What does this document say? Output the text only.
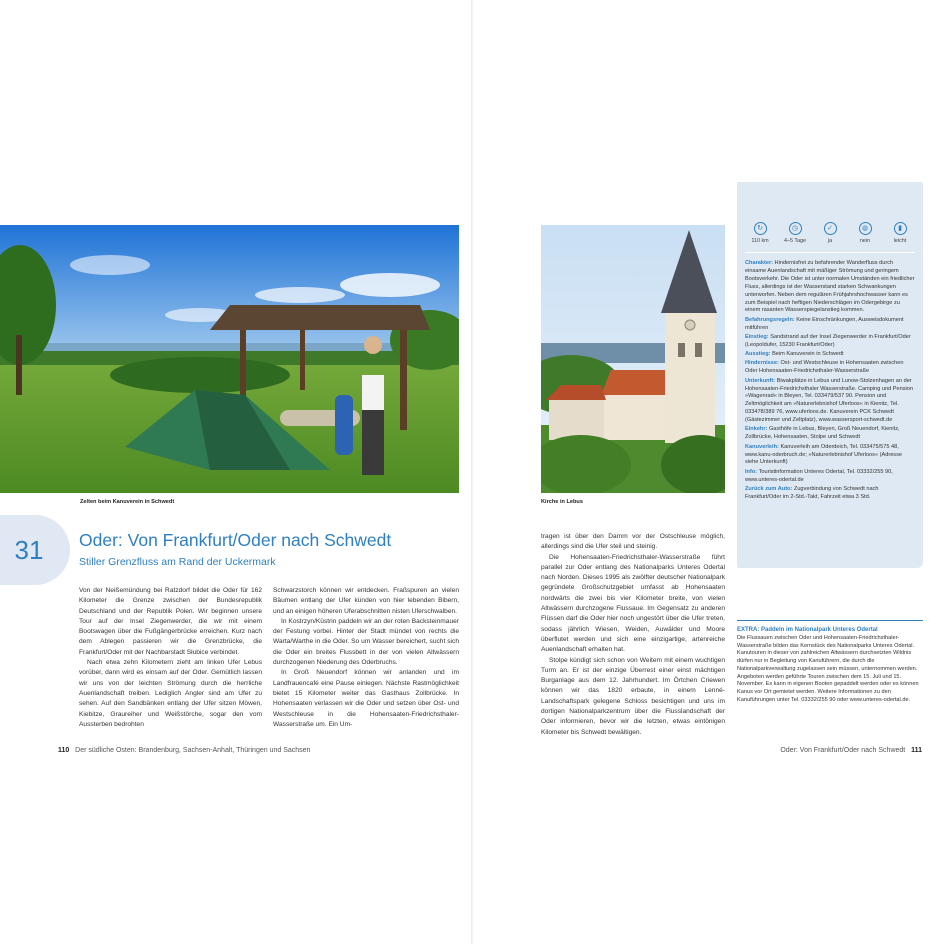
Zelten beim Kanuverein in Schwedt	Kirche in Lebus
31	Oder: Von Frankfurt/Oder nach Schwedt
Stiller Grenzfluss am Rand der Uckermark

Von der Neißemündung bei Ratzdorf bildet die Oder für 162 Kilometer die Grenze zwischen der Bundesrepublik Deutschland und der Republik Polen. Wir beginnen unsere Tour auf der Insel Ziegenwerder, die wir mit einem Bootswagen über die Fußgängerbrücke erreichen. Kurz nach dem Ablegen passieren wir die Grenzbrücke, die Frankfurt/Oder mit der Nachbarstadt Słubice verbindet.

Nach etwa zehn Kilometern zieht am linken Ufer Lebus vorüber, dann wird es einsam auf der Oder. Gemütlich lassen wir uns von der leichten Strömung durch die herrliche Auenlandschaft treiben. Lediglich Angler sind am Ufer zu sehen. Auf den Sandbänken entlang der Ufer sitzen Möwen, Kiebitze, Graureiher und Weißstörche, sogar den vom Aussterben bedrohten

Schwarzstorch können wir entdecken. Fraßspuren an vielen Bäumen entlang der Ufer künden von hier lebenden Bibern, und an einigen höheren Uferabschnitten nisten Uferschwalben.

In Kostrzyn/Küstrin paddeln wir an der roten Backsteinmauer der Festung vorbei. Hinter der Stadt mündet von rechts die Warta/Warthe in die Oder. So um Wasser bereichert, sucht sich die Oder ein breites Flussbett in der von vielen Altwässern durchzogenen Niederung des Oderbruchs.

In Groß Neuendorf können wir anlanden und im Landfrauencafé eine Pause einlegen. Nächste Rastmöglichkeit bietet 15 Kilometer weiter das Gasthaus Zollbrücke. In Hohensaaten verlassen wir die Oder und setzen über Ost- und Westschleuse in die Hohensaaten-Friedrichsthaler-Wasserstraße um. Ein Um-

tragen ist über den Damm vor der Ostschleuse möglich, allerdings sind die Ufer steil und steinig.

Die Hohensaaten-Friedrichsthaler-Wasserstraße führt parallel zur Oder entlang des Nationalparks Unteres Odertal nach Norden. Dieses 1995 als zwölfter deutscher Nationalpark gegründete Großschutzgebiet umfasst ab Hohensaaten nordwärts die zwei bis vier Kilometer breite, von vielen Altwässern durchzogene Flussaue. Im Gegensatz zu anderen Flüssen darf die Oder hier noch ungestört über die Ufer treten, sodass jährlich Wiesen, Weiden, Auwälder und Moore überflutet werden und sich eine einzigartige, artenreiche Auenlandschaft erhalten hat.

Stolpe kündigt sich schon von Weitem mit einem wuchtigen Turm an. Er ist der einzige Überrest einer einst mächtigen Burganlage aus dem 12. Jahrhundert. Im Örtchen Criewen können wir das 1820 erbaute, in einem Lenné-Landschaftspark gelegene Schloss besichtigen und uns im dortigen Nationalparkzentrum über die Flusslandschaft der Oder informieren, bevor wir die letzten, etwas eintönigen Kilometer bis Schwedt bewältigen.

↻
110 km
◷
4–5 Tage
✓
ja
◍
nein
▮
leicht

Charakter: Hindernisfrei zu befahrender Wanderfluss durch einsame Auenlandschaft mit mäßiger Strömung und geringem Bootsverkehr. Die Oder ist unter normalen Umständen ein friedlicher Fluss, allerdings ist der Wasserstand starken Schwankungen unterworfen. Neben dem regulären Frühjahrshochwasser kann es zum Beispiel nach heftigen Niederschlägen im Odergebirge zu einem rasanten Wasserspiegelanstieg kommen.

Befahrungsregeln: Keine Einschränkungen, Ausweisdokument mitführen

Einstieg: Sandstrand auf der Insel Ziegenwerder in Frankfurt/Oder (Leopoldufer, 15230 Frankfurt/Oder)

Ausstieg: Beim Kanuverein in Schwedt

Hindernisse: Ost- und Westschleuse in Hohensaaten zwischen Oder Hohensaaten-Friedrichsthaler-Wasserstraße

Unterkunft: Biwakplätze in Lebus und Lunow-Stolzenhagen an der Hohensaaten-Friedrichsthaler Wasserstraße. Camping und Pension »Wagenrad« in Bleyen, Tel. 033479/537 90. Pension und Zeltmöglichkeit am »Naturerlebnishof Uferloos« in Kienitz, Tel. 033478/389 76, www.uferloos.de. Kanuverein PCK Schwedt (Gästezimmer und Zeltplatz), www.wassersport-schwedt.de

Einkehr: Gasthöfe in Lebus, Bleyen, Groß Neuendorf, Kienitz, Zollbrücke, Hohensaaten, Stolpe und Schwedt

Kanuverleih: Kanuverleih am Oderdeich, Tel. 033475/575 48, www.kanu-oderbruch.de; »Naturerlebnishof Uferloos« (Adresse siehe Unterkunft)

Info: Touristinformation Unteres Odertal, Tel. 03332/255 90, www.unteres-odertal.de

Zurück zum Auto: Zugverbindung von Schwedt nach Frankfurt/Oder im 2-Std.-Takt, Fahrzeit etwa 3 Std.

EXTRA: Paddeln im Nationalpark Unteres Odertal
Die Flussauen zwischen Oder und Hohensaaten-Friedrichsthaler-Wasserstraße bilden das Kernstück des Nationalparks Unteres Odertal. Kanutouren in dieser von zahlreichen Altwässern durchsetzten Wildnis dürfen nur in Begleitung von Kanuführern, die durch die Nationalparkverwaltung zugelassen sein müssen, unternommen werden. Angeboten werden geführte Touren zwischen dem 15. Juli und 15. November. Es kann in eigenen Booten gepaddelt werden oder es können Kanus vor Ort gemietet werden. Weitere Informationen zu den Kanuführungen unter Tel. 03332/255 90 oder www.unteres-odertal.de.
110 Der südliche Osten: Brandenburg, Sachsen-Anhalt, Thüringen und Sachsen	Oder: Von Frankfurt/Oder nach Schwedt 111
